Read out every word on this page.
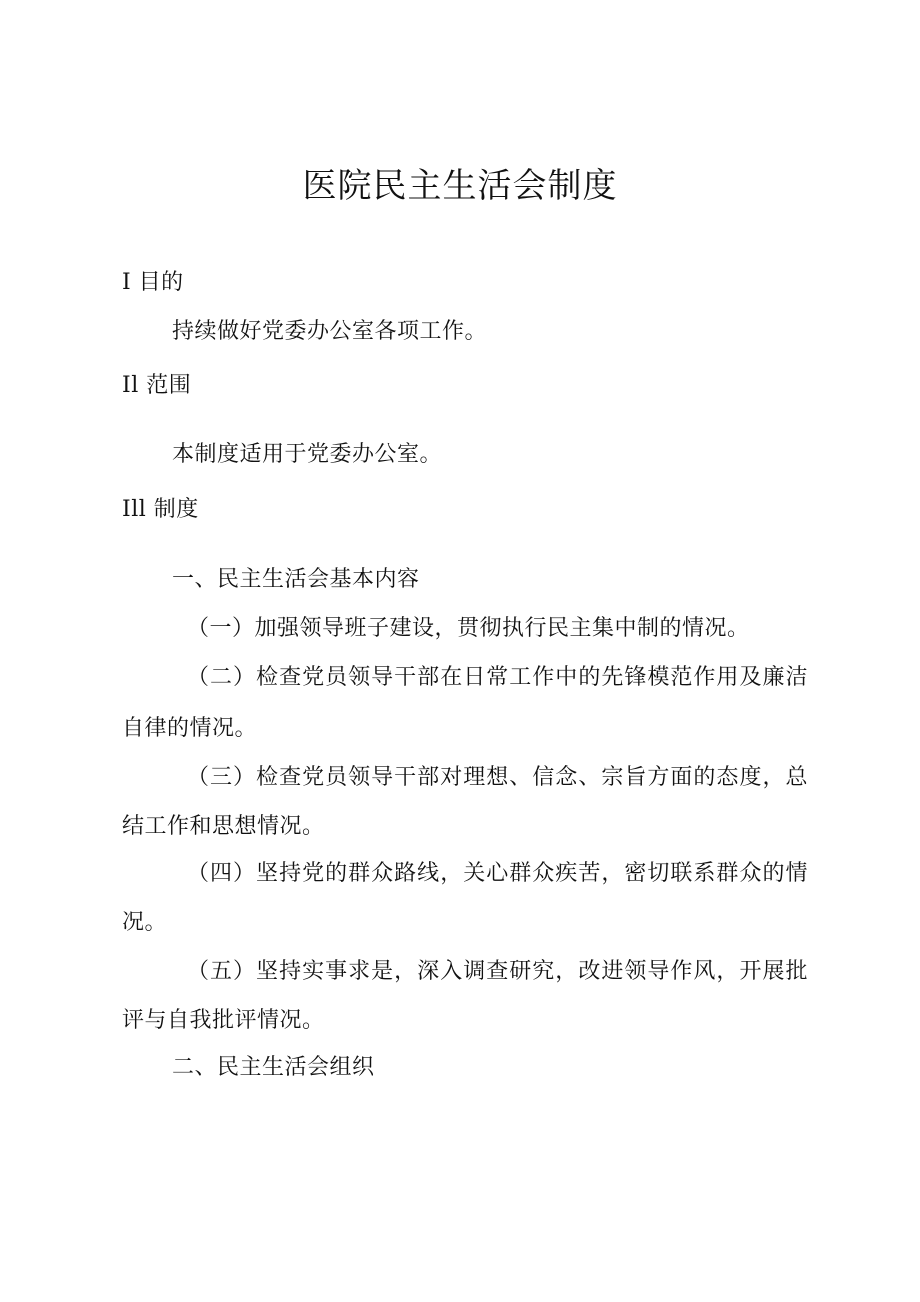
医院民主生活会制度
I 目的
持续做好党委办公室各项工作。
Il 范围
本制度适用于党委办公室。
Ill 制度
一、民主生活会基本内容
（一）加强领导班子建设，贯彻执行民主集中制的情况。
（二）检查党员领导干部在日常工作中的先锋模范作用及廉洁
自律的情况。
（三）检查党员领导干部对理想、信念、宗旨方面的态度，总
结工作和思想情况。
（四）坚持党的群众路线，关心群众疾苦，密切联系群众的情
况。
（五）坚持实事求是，深入调查研究，改进领导作风，开展批
评与自我批评情况。
二、民主生活会组织
